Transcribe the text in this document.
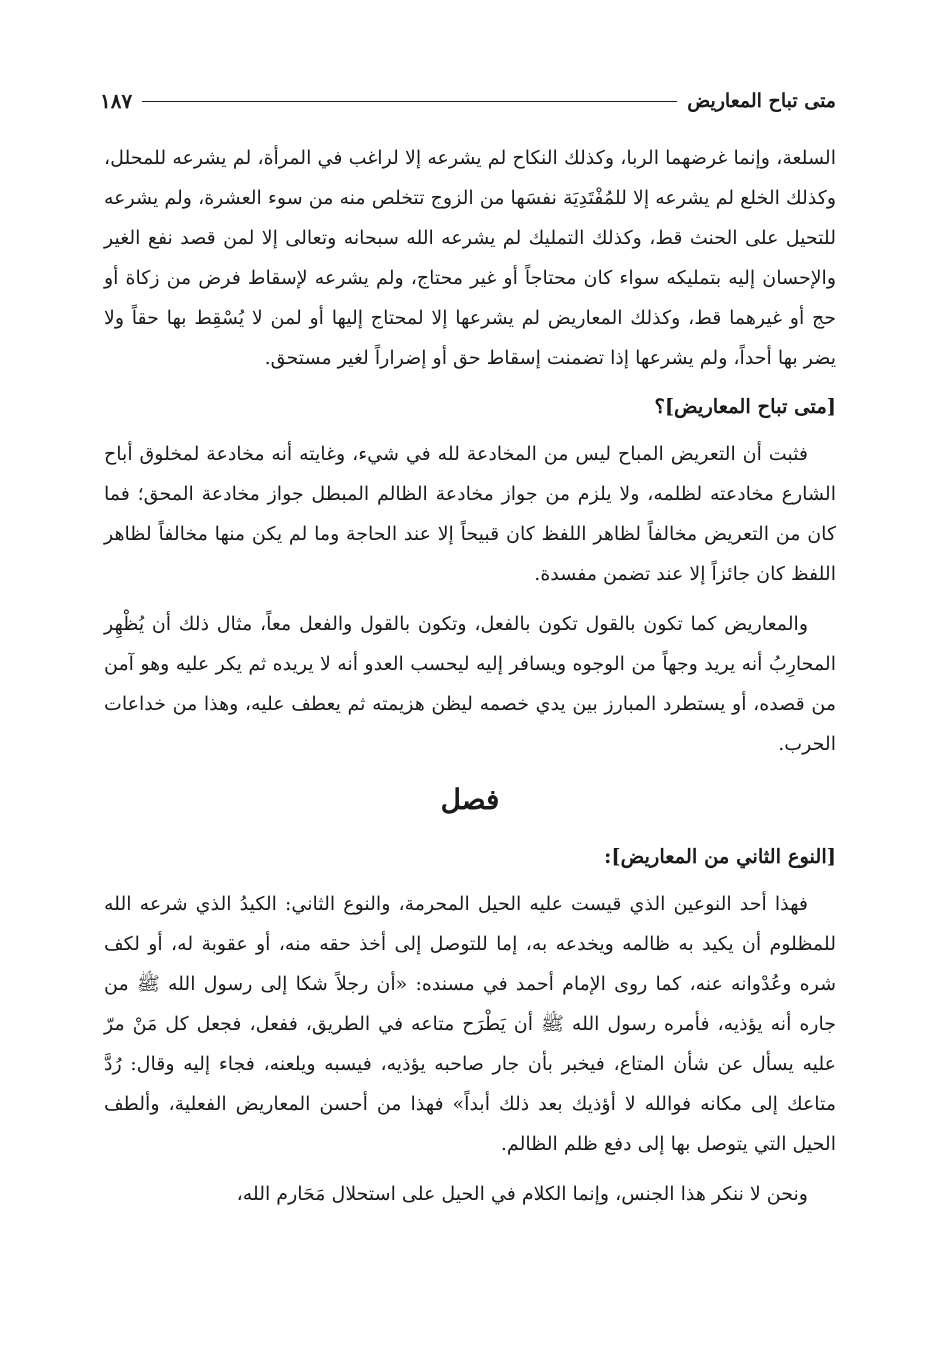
متى تباح المعاريض
١٨٧

السلعة، وإنما غرضهما الربا، وكذلك النكاح لم يشرعه إلا لراغب في المرأة، لم يشرعه للمحلل، وكذلك الخلع لم يشرعه إلا للمُفْتَدِيَة نفسَها من الزوج تتخلص منه من سوء العشرة، ولم يشرعه للتحيل على الحنث قط، وكذلك التمليك لم يشرعه الله سبحانه وتعالى إلا لمن قصد نفع الغير والإحسان إليه بتمليكه سواء كان محتاجاً أو غير محتاج، ولم يشرعه لإسقاط فرض من زكاة أو حج أو غيرهما قط، وكذلك المعاريض لم يشرعها إلا لمحتاج إليها أو لمن لا يُسْقِط بها حقاً ولا يضر بها أحداً، ولم يشرعها إذا تضمنت إسقاط حق أو إضراراً لغير مستحق.

[متى تباح المعاريض]؟

فثبت أن التعريض المباح ليس من المخادعة لله في شيء، وغايته أنه مخادعة لمخلوق أباح الشارع مخادعته لظلمه، ولا يلزم من جواز مخادعة الظالم المبطل جواز مخادعة المحق؛ فما كان من التعريض مخالفاً لظاهر اللفظ كان قبيحاً إلا عند الحاجة وما لم يكن منها مخالفاً لظاهر اللفظ كان جائزاً إلا عند تضمن مفسدة.

والمعاريض كما تكون بالقول تكون بالفعل، وتكون بالقول والفعل معاً، مثال ذلك أن يُظْهِر المحارِبُ أنه يريد وجهاً من الوجوه ويسافر إليه ليحسب العدو أنه لا يريده ثم يكر عليه وهو آمن من قصده، أو يستطرد المبارز بين يدي خصمه ليظن هزيمته ثم يعطف عليه، وهذا من خداعات الحرب.

فصل
[النوع الثاني من المعاريض]:

فهذا أحد النوعين الذي قيست عليه الحيل المحرمة، والنوع الثاني: الكيدُ الذي شرعه الله للمظلوم أن يكيد به ظالمه ويخدعه به، إما للتوصل إلى أخذ حقه منه، أو عقوبة له، أو لكف شره وعُدْوانه عنه، كما روى الإمام أحمد في مسنده: «أن رجلاً شكا إلى رسول الله ﷺ من جاره أنه يؤذيه، فأمره رسول الله ﷺ أن يَطْرَح متاعه في الطريق، ففعل، فجعل كل مَنْ مرّ عليه يسأل عن شأن المتاع، فيخبر بأن جار صاحبه يؤذيه، فيسبه ويلعنه، فجاء إليه وقال: رُدَّ متاعك إلى مكانه فوالله لا أؤذيك بعد ذلك أبداً» فهذا من أحسن المعاريض الفعلية، وألطف الحيل التي يتوصل بها إلى دفع ظلم الظالم.

ونحن لا ننكر هذا الجنس، وإنما الكلام في الحيل على استحلال مَحَارم الله،
